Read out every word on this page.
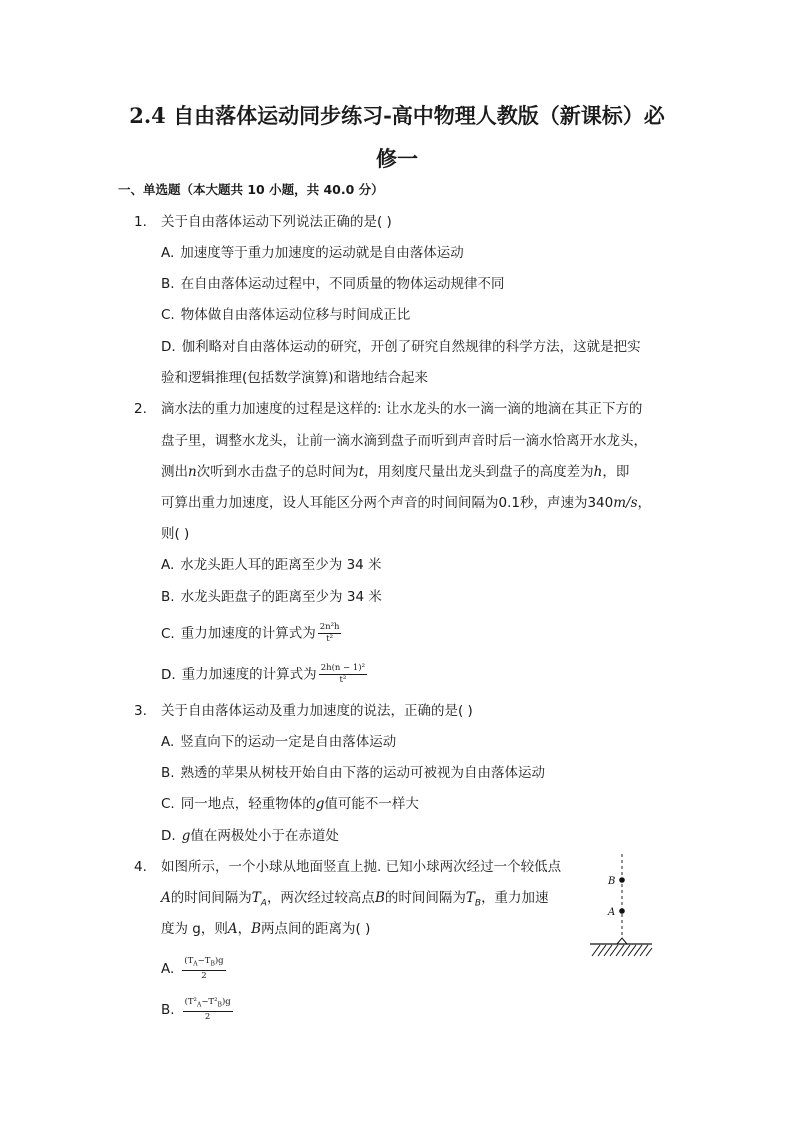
2.4 自由落体运动同步练习-高中物理人教版（新课标）必
修一
一、单选题（本大题共 10 小题，共 40.0 分）
1. 关于自由落体运动下列说法正确的是( )
A. 加速度等于重力加速度的运动就是自由落体运动
B. 在自由落体运动过程中，不同质量的物体运动规律不同
C. 物体做自由落体运动位移与时间成正比
D. 伽利略对自由落体运动的研究，开创了研究自然规律的科学方法，这就是把实
验和逻辑推理(包括数学演算)和谐地结合起来
2. 滴水法的重力加速度的过程是这样的: 让水龙头的水一滴一滴的地滴在其正下方的
盘子里，调整水龙头，让前一滴水滴到盘子而听到声音时后一滴水恰离开水龙头，
测出n次听到水击盘子的总时间为t，用刻度尺量出龙头到盘子的高度差为h，即
可算出重力加速度，设人耳能区分两个声音的时间间隔为0.1秒，声速为340m/s，
则( )
A. 水龙头距人耳的距离至少为 34 米
B. 水龙头距盘子的距离至少为 34 米
C. 重力加速度的计算式为 $\frac{\text{2n²h}}{\text{t²}}$
D. 重力加速度的计算式为 $\frac{\text{2h(n − 1)²}}{\text{t²}}$
3. 关于自由落体运动及重力加速度的说法，正确的是( )
A. 竖直向下的运动一定是自由落体运动
B. 熟透的苹果从树枝开始自由下落的运动可被视为自由落体运动
C. 同一地点，轻重物体的g值可能不一样大
D. g值在两极处小于在赤道处
4. 如图所示，一个小球从地面竖直上抛. 已知小球两次经过一个较低点
A的时间间隔为$T_A$，两次经过较高点B的时间间隔为$T_B$，重力加速
度为 g，则A，B两点间的距离为( )
A. $\frac{(T_A-T_B)g}{2}$
B. $\frac{(T^2_A-T^2_B)g}{2}$
B
A
